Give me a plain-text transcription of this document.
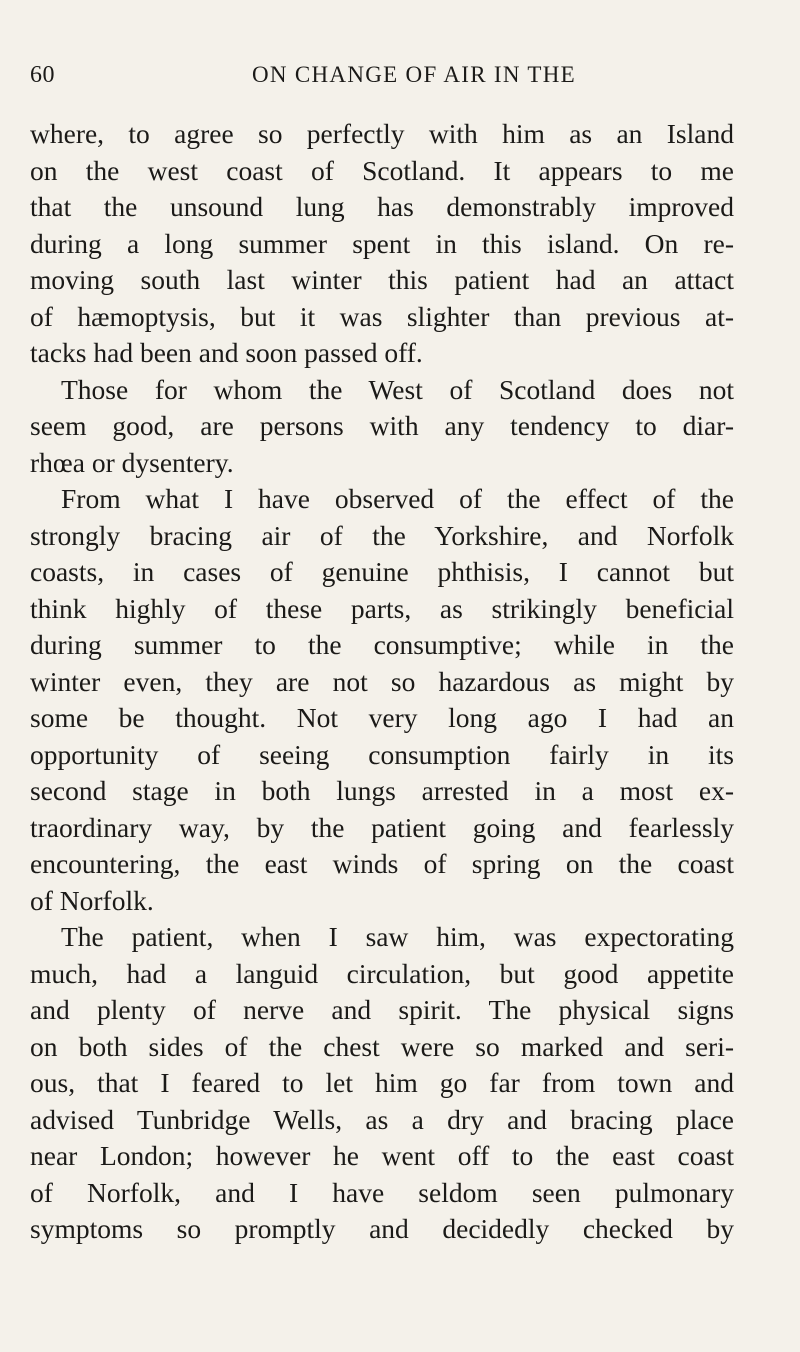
60	ON CHANGE OF AIR IN THE
where, to agree so perfectly with him as an Island
on the west coast of Scotland. It appears to me
that the unsound lung has demonstrably improved
during a long summer spent in this island. On re-
moving south last winter this patient had an attact
of hæmoptysis, but it was slighter than previous at-
tacks had been and soon passed off.
Those for whom the West of Scotland does not
seem good, are persons with any tendency to diar-
rhœa or dysentery.
From what I have observed of the effect of the
strongly bracing air of the Yorkshire, and Norfolk
coasts, in cases of genuine phthisis, I cannot but
think highly of these parts, as strikingly beneficial
during summer to the consumptive; while in the
winter even, they are not so hazardous as might by
some be thought. Not very long ago I had an
opportunity of seeing consumption fairly in its
second stage in both lungs arrested in a most ex-
traordinary way, by the patient going and fearlessly
encountering, the east winds of spring on the coast
of Norfolk.
The patient, when I saw him, was expectorating
much, had a languid circulation, but good appetite
and plenty of nerve and spirit. The physical signs
on both sides of the chest were so marked and seri-
ous, that I feared to let him go far from town and
advised Tunbridge Wells, as a dry and bracing place
near London; however he went off to the east coast
of Norfolk, and I have seldom seen pulmonary
symptoms so promptly and decidedly checked by
